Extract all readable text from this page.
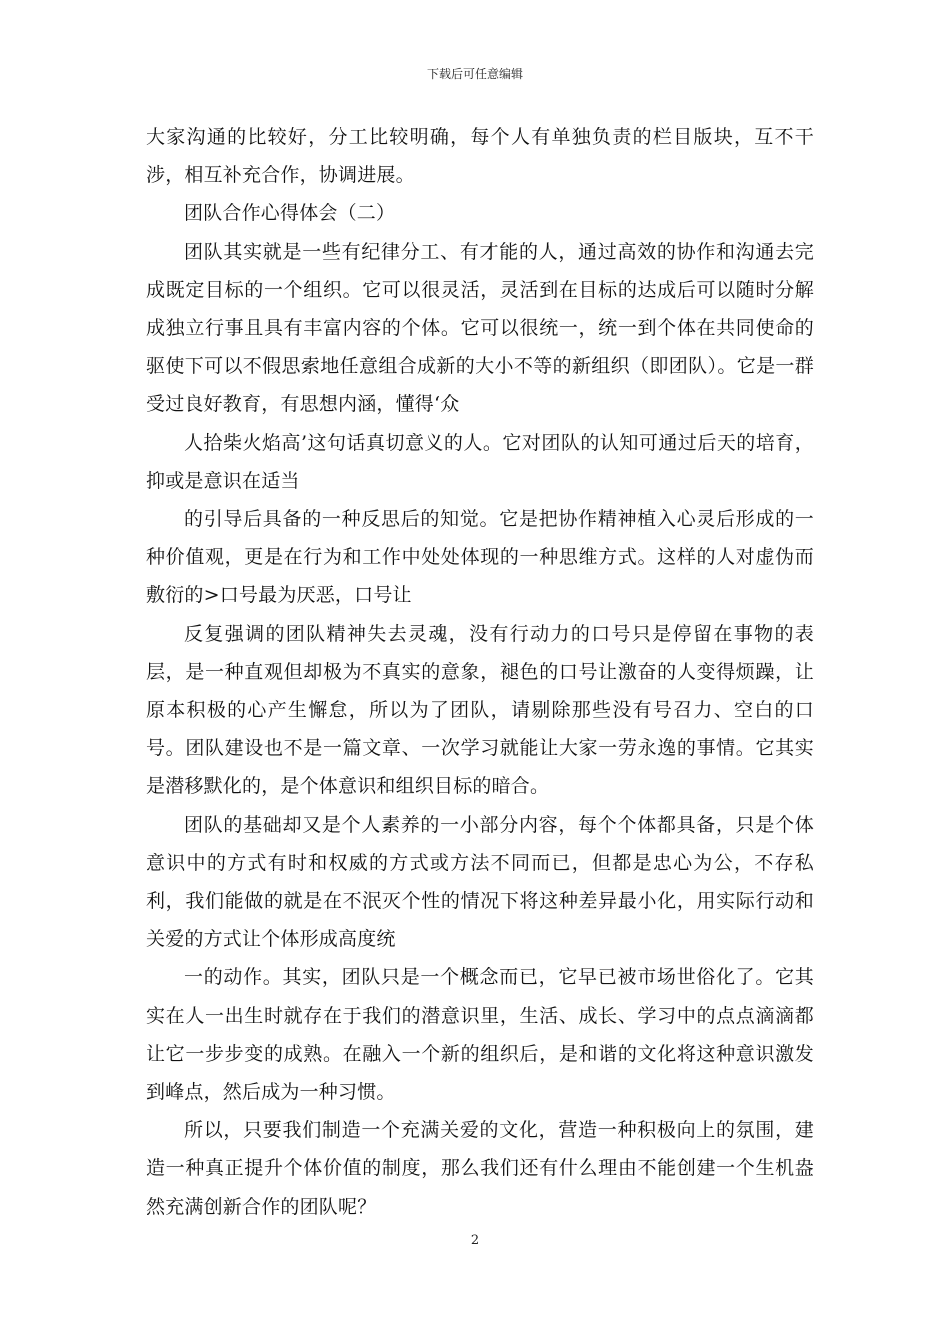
下载后可任意编辑

大家沟通的比较好，分工比较明确，每个人有单独负责的栏目版块，互不干涉，相互补充合作，协调进展。

团队合作心得体会（二）

团队其实就是一些有纪律分工、有才能的人，通过高效的协作和沟通去完成既定目标的一个组织。它可以很灵活，灵活到在目标的达成后可以随时分解成独立行事且具有丰富内容的个体。它可以很统一，统一到个体在共同使命的驱使下可以不假思索地任意组合成新的大小不等的新组织（即团队）。它是一群受过良好教育，有思想内涵，懂得‘众

人拾柴火焰高’这句话真切意义的人。它对团队的认知可通过后天的培育，抑或是意识在适当

的引导后具备的一种反思后的知觉。它是把协作精神植入心灵后形成的一种价值观，更是在行为和工作中处处体现的一种思维方式。这样的人对虚伪而敷衍的>口号最为厌恶，口号让

反复强调的团队精神失去灵魂，没有行动力的口号只是停留在事物的表层，是一种直观但却极为不真实的意象，褪色的口号让激奋的人变得烦躁，让原本积极的心产生懈怠，所以为了团队，请剔除那些没有号召力、空白的口号。团队建设也不是一篇文章、一次学习就能让大家一劳永逸的事情。它其实是潜移默化的，是个体意识和组织目标的暗合。

团队的基础却又是个人素养的一小部分内容，每个个体都具备，只是个体意识中的方式有时和权威的方式或方法不同而已，但都是忠心为公，不存私利，我们能做的就是在不泯灭个性的情况下将这种差异最小化，用实际行动和关爱的方式让个体形成高度统

一的动作。其实，团队只是一个概念而已，它早已被市场世俗化了。它其实在人一出生时就存在于我们的潜意识里，生活、成长、学习中的点点滴滴都让它一步步变的成熟。在融入一个新的组织后，是和谐的文化将这种意识激发到峰点，然后成为一种习惯。

所以，只要我们制造一个充满关爱的文化，营造一种积极向上的氛围，建造一种真正提升个体价值的制度，那么我们还有什么理由不能创建一个生机盎然充满创新合作的团队呢？

2
